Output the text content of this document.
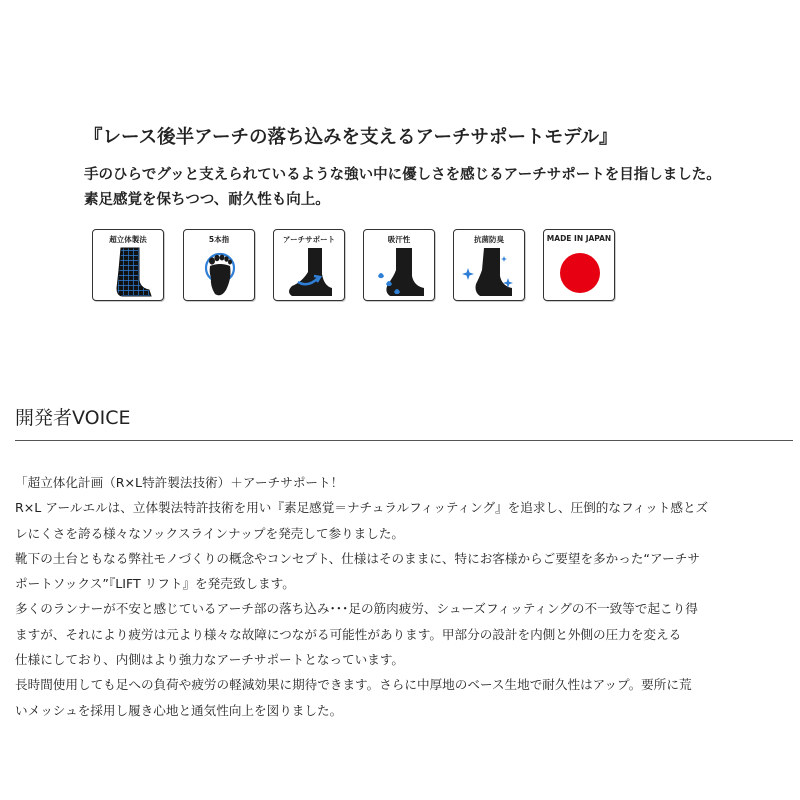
『レース後半アーチの落ち込みを支えるアーチサポートモデル』

手のひらでグッと支えられているような強い中に優しさを感じるアーチサポートを目指しました。

素足感覚を保ちつつ、耐久性も向上。

超立体製法	5本指	アーチサポート	吸汗性	抗菌防臭	MADE IN JAPAN
開発者VOICE

「超立体化計画（R×L特許製法技術）＋アーチサポート！

R×L アールエルは、立体製法特許技術を用い『素足感覚＝ナチュラルフィッティング』を追求し、圧倒的なフィット感とズ

レにくさを誇る様々なソックスラインナップを発売して参りました。

靴下の土台ともなる弊社モノづくりの概念やコンセプト、仕様はそのままに、特にお客様からご要望を多かった“アーチサ

ポートソックス”『LIFT リフト』を発売致します。

多くのランナーが不安と感じているアーチ部の落ち込み･･･足の筋肉疲労、シューズフィッティングの不一致等で起こり得

ますが、それにより疲労は元より様々な故障につながる可能性があります。甲部分の設計を内側と外側の圧力を変える

仕様にしており、内側はより強力なアーチサポートとなっています。

長時間使用しても足への負荷や疲労の軽減効果に期待できます。さらに中厚地のベース生地で耐久性はアップ。要所に荒

いメッシュを採用し履き心地と通気性向上を図りました。
